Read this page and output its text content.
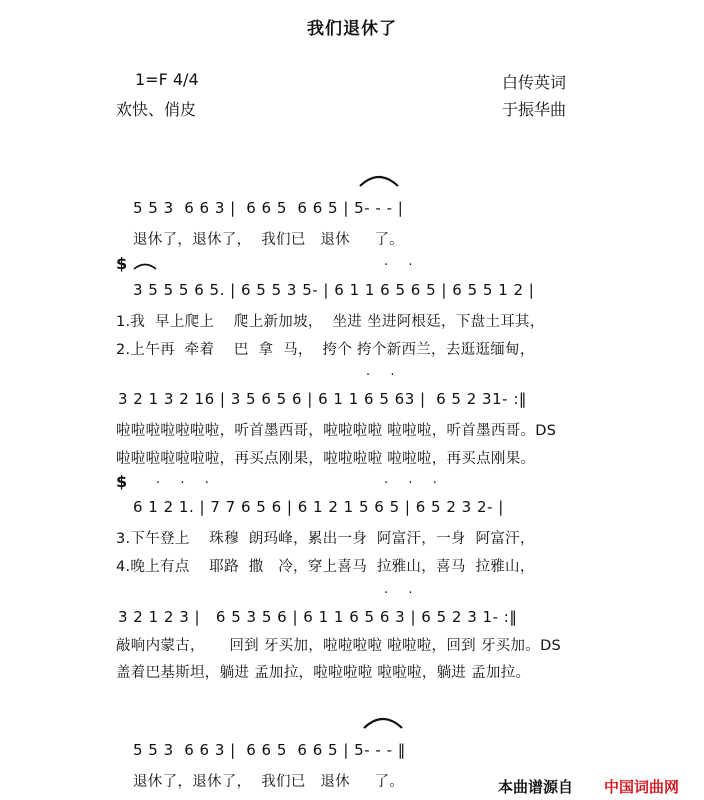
我们退休了
1=F 4/4
欢快、俏皮
白传英词
于振华曲
5 5 3  6 6 3 |  6 6 5  6 6 5 | 5- - - |
退休了，退休了，  我们已   退休     了。
$	·  ·
3 5 5 5 6 5. | 6 5 5 3 5- | 6 1 1 6 5 6 5 | 6 5 5 1 2 |
1.我  早上爬上    爬上新加坡，  坐进 坐进阿根廷，下盘土耳其，
2.上午再  牵着    巴  拿  马，  挎个 挎个新西兰，去逛逛缅甸，
·  ·
3 2 1 3 2 16 | 3 5 6 5 6 | 6 1 1 6 5 63 |  6 5 2 31- :‖
啦啦啦啦啦啦啦，听首墨西哥，啦啦啦啦 啦啦啦，听首墨西哥。DS
啦啦啦啦啦啦啦，再买点刚果，啦啦啦啦 啦啦啦，再买点刚果。
$ ·  ·  ·	·  ·  ·
6 1 2 1. | 7 7 6 5 6 | 6 1 2 1 5 6 5 | 6 5 2 3 2- |
3.下午登上    珠穆  朗玛峰，累出一身  阿富汗，一身  阿富汗，
4.晚上有点    耶路  撒   冷，穿上喜马  拉雅山，喜马  拉雅山，
·  ·
3 2 1 2 3 |   6 5 3 5 6 | 6 1 1 6 5 6 3 | 6 5 2 3 1- :‖
敲响内蒙古，     回到 牙买加，啦啦啦啦 啦啦啦，回到 牙买加。DS
盖着巴基斯坦，躺进 孟加拉，啦啦啦啦 啦啦啦，躺进 孟加拉。
5 5 3  6 6 3 |  6 6 5  6 6 5 | 5- - - ‖
退休了，退休了，  我们已   退休     了。	本曲谱源自 中国词曲网
